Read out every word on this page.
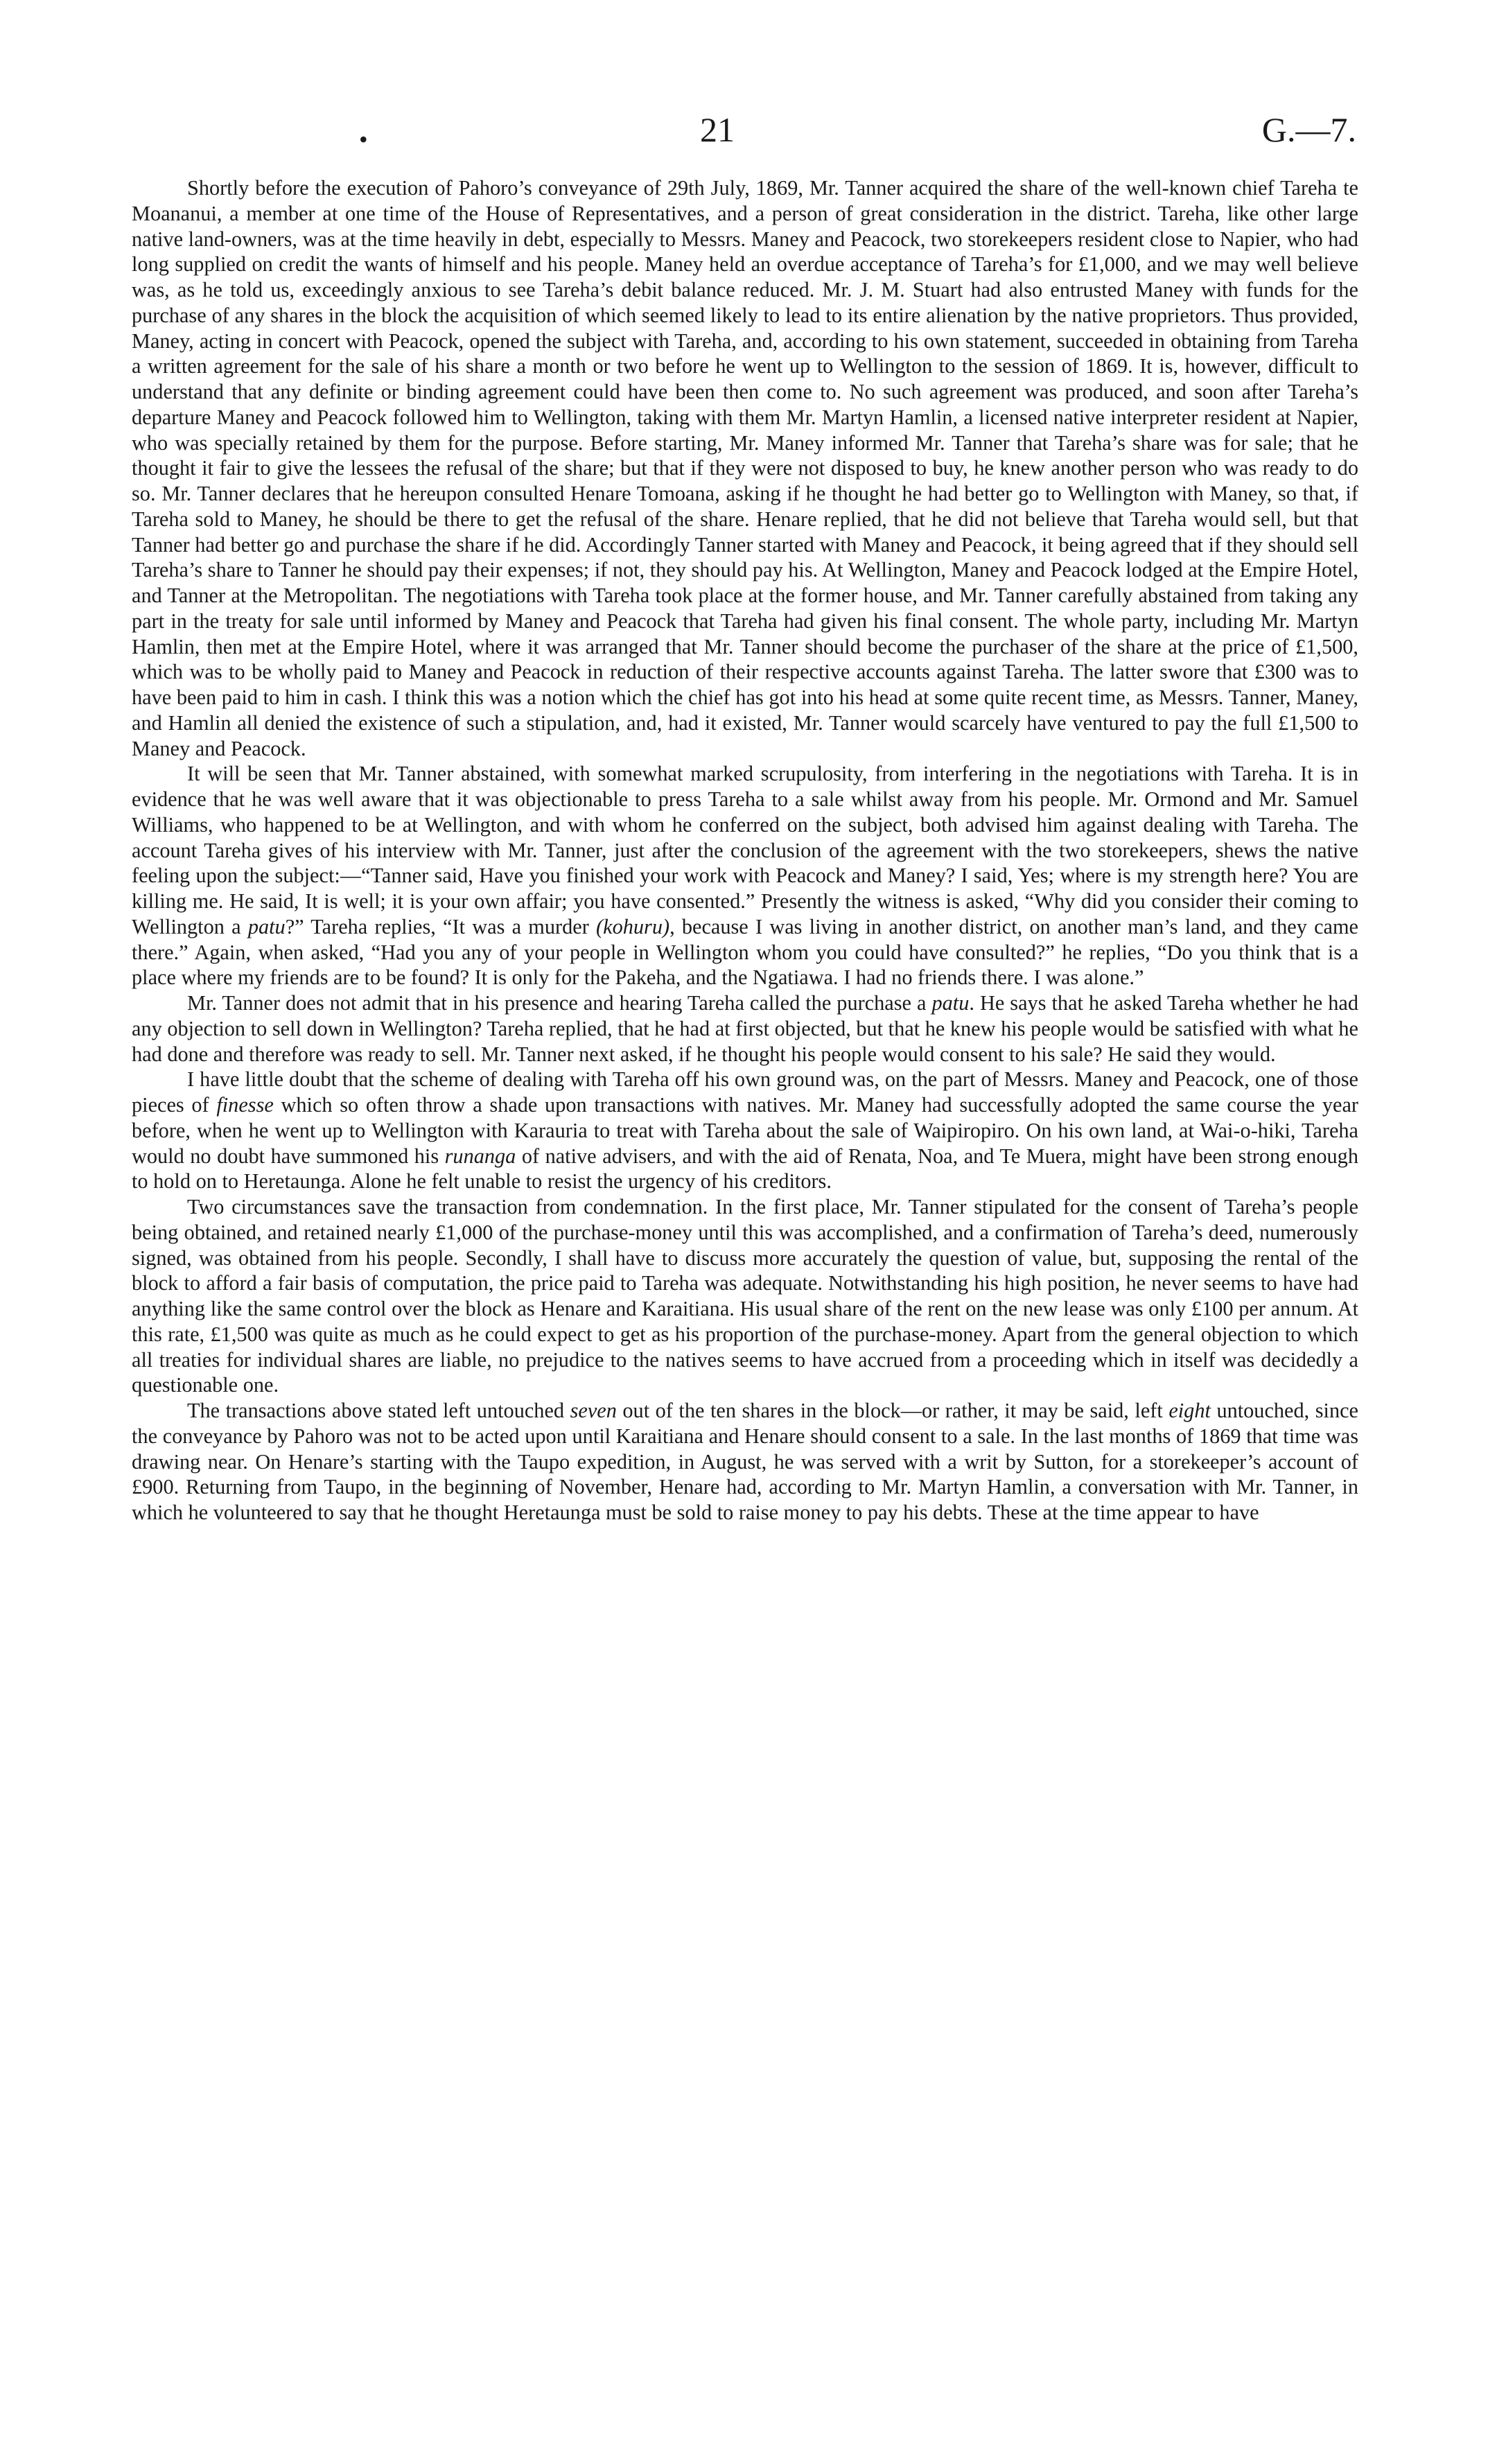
•	21	G.—7.

Shortly before the execution of Pahoro’s conveyance of 29th July, 1869, Mr. Tanner acquired the share of the well-known chief Tareha te Moananui, a member at one time of the House of Representatives, and a person of great consideration in the district. Tareha, like other large native land-owners, was at the time heavily in debt, especially to Messrs. Maney and Peacock, two storekeepers resident close to Napier, who had long supplied on credit the wants of himself and his people. Maney held an overdue acceptance of Tareha’s for £1,000, and we may well believe was, as he told us, exceedingly anxious to see Tareha’s debit balance reduced. Mr. J. M. Stuart had also entrusted Maney with funds for the purchase of any shares in the block the acquisition of which seemed likely to lead to its entire alienation by the native proprietors. Thus provided, Maney, acting in concert with Peacock, opened the subject with Tareha, and, according to his own statement, succeeded in obtaining from Tareha a written agreement for the sale of his share a month or two before he went up to Wellington to the session of 1869. It is, however, difficult to understand that any definite or binding agreement could have been then come to. No such agreement was produced, and soon after Tareha’s departure Maney and Peacock followed him to Wellington, taking with them Mr. Martyn Hamlin, a licensed native interpreter resident at Napier, who was specially retained by them for the purpose. Before starting, Mr. Maney informed Mr. Tanner that Tareha’s share was for sale; that he thought it fair to give the lessees the refusal of the share; but that if they were not disposed to buy, he knew another person who was ready to do so. Mr. Tanner declares that he hereupon consulted Henare Tomoana, asking if he thought he had better go to Wellington with Maney, so that, if Tareha sold to Maney, he should be there to get the refusal of the share. Henare replied, that he did not believe that Tareha would sell, but that Tanner had better go and purchase the share if he did. Accordingly Tanner started with Maney and Peacock, it being agreed that if they should sell Tareha’s share to Tanner he should pay their expenses; if not, they should pay his. At Wellington, Maney and Peacock lodged at the Empire Hotel, and Tanner at the Metropolitan. The negotiations with Tareha took place at the former house, and Mr. Tanner carefully abstained from taking any part in the treaty for sale until informed by Maney and Peacock that Tareha had given his final consent. The whole party, including Mr. Martyn Hamlin, then met at the Empire Hotel, where it was arranged that Mr. Tanner should become the purchaser of the share at the price of £1,500, which was to be wholly paid to Maney and Peacock in reduction of their respective accounts against Tareha. The latter swore that £300 was to have been paid to him in cash. I think this was a notion which the chief has got into his head at some quite recent time, as Messrs. Tanner, Maney, and Hamlin all denied the existence of such a stipulation, and, had it existed, Mr. Tanner would scarcely have ventured to pay the full £1,500 to Maney and Peacock.

It will be seen that Mr. Tanner abstained, with somewhat marked scrupulosity, from interfering in the negotiations with Tareha. It is in evidence that he was well aware that it was objectionable to press Tareha to a sale whilst away from his people. Mr. Ormond and Mr. Samuel Williams, who happened to be at Wellington, and with whom he conferred on the subject, both advised him against dealing with Tareha. The account Tareha gives of his interview with Mr. Tanner, just after the conclusion of the agreement with the two storekeepers, shews the native feeling upon the subject:—“Tanner said, Have you finished your work with Peacock and Maney? I said, Yes; where is my strength here? You are killing me. He said, It is well; it is your own affair; you have consented.” Presently the witness is asked, “Why did you consider their coming to Wellington a patu?” Tareha replies, “It was a murder (kohuru), because I was living in another district, on another man’s land, and they came there.” Again, when asked, “Had you any of your people in Wellington whom you could have consulted?” he replies, “Do you think that is a place where my friends are to be found? It is only for the Pakeha, and the Ngatiawa. I had no friends there. I was alone.”

Mr. Tanner does not admit that in his presence and hearing Tareha called the purchase a patu. He says that he asked Tareha whether he had any objection to sell down in Wellington? Tareha replied, that he had at first objected, but that he knew his people would be satisfied with what he had done and therefore was ready to sell. Mr. Tanner next asked, if he thought his people would consent to his sale? He said they would.

I have little doubt that the scheme of dealing with Tareha off his own ground was, on the part of Messrs. Maney and Peacock, one of those pieces of finesse which so often throw a shade upon transactions with natives. Mr. Maney had successfully adopted the same course the year before, when he went up to Wellington with Karauria to treat with Tareha about the sale of Waipiropiro. On his own land, at Wai-o-hiki, Tareha would no doubt have summoned his runanga of native advisers, and with the aid of Renata, Noa, and Te Muera, might have been strong enough to hold on to Heretaunga. Alone he felt unable to resist the urgency of his creditors.

Two circumstances save the transaction from condemnation. In the first place, Mr. Tanner stipulated for the consent of Tareha’s people being obtained, and retained nearly £1,000 of the purchase-money until this was accomplished, and a confirmation of Tareha’s deed, numerously signed, was obtained from his people. Secondly, I shall have to discuss more accurately the question of value, but, supposing the rental of the block to afford a fair basis of computation, the price paid to Tareha was adequate. Notwithstanding his high position, he never seems to have had anything like the same control over the block as Henare and Karaitiana. His usual share of the rent on the new lease was only £100 per annum. At this rate, £1,500 was quite as much as he could expect to get as his proportion of the purchase-money. Apart from the general objection to which all treaties for individual shares are liable, no prejudice to the natives seems to have accrued from a proceeding which in itself was decidedly a questionable one.

The transactions above stated left untouched seven out of the ten shares in the block—or rather, it may be said, left eight untouched, since the conveyance by Pahoro was not to be acted upon until Karaitiana and Henare should consent to a sale. In the last months of 1869 that time was drawing near. On Henare’s starting with the Taupo expedition, in August, he was served with a writ by Sutton, for a storekeeper’s account of £900. Returning from Taupo, in the beginning of November, Henare had, according to Mr. Martyn Hamlin, a conversation with Mr. Tanner, in which he volunteered to say that he thought Heretaunga must be sold to raise money to pay his debts. These at the time appear to have
